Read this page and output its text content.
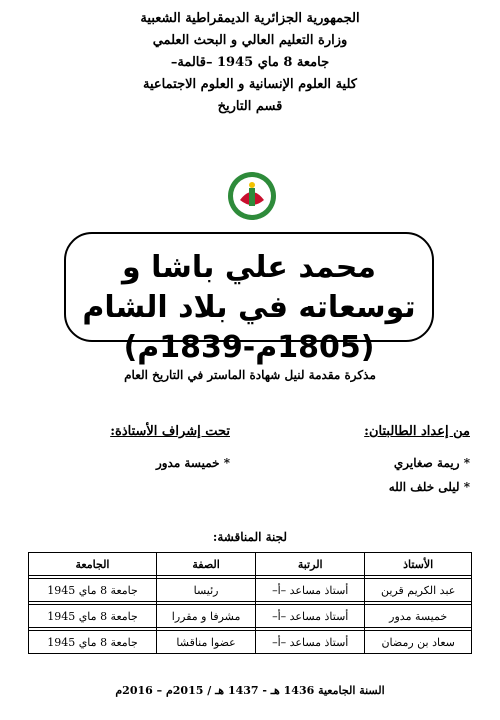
الجمهورية الجزائرية الديمقراطية الشعبية
وزارة التعليم العالي و البحث العلمي
جامعة 8 ماي 1945 –قالمة–
كلية العلوم الإنسانية و العلوم الاجتماعية
قسم التاريخ
محمد علي باشا و توسعاته في بلاد الشام
(1805م-1839م)
مذكرة مقدمة لنيل شهادة الماستر في التاريخ العام
من إعداد الطالبتان:
* ريمة صغايري
* ليلى خلف الله
تحت إشراف الأستاذة:
* خميسة مدور
لجنة المناقشة:
الأستاذ	الرتبة	الصفة	الجامعة

عبد الكريم قرين	أستاذ مساعد –أ–	رئيسا	جامعة 8 ماي 1945

خميسة مدور	أستاذ مساعد –أ–	مشرفا و مقررا	جامعة 8 ماي 1945

سعاد بن رمضان	أستاذ مساعد –أ–	عضوا مناقشا	جامعة 8 ماي 1945
السنة الجامعية 1436 هـ - 1437 هـ / 2015م – 2016م
